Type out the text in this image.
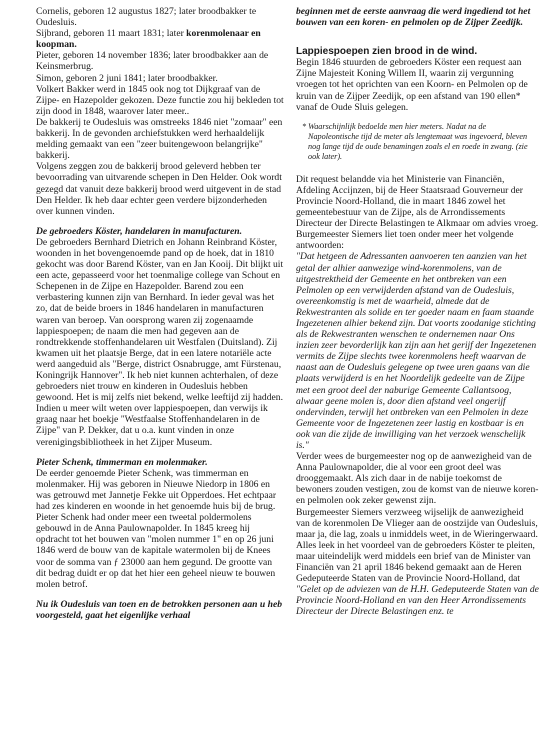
Cornelis, geboren 12 augustus 1827; later broodbakker te Oudesluis.

Sijbrand, geboren 11 maart 1831; later korenmolenaar en koopman.

Pieter, geboren 14 november 1836; later broodbakker aan de Keinsmerbrug.

Simon, geboren 2 juni 1841; later broodbakker.

Volkert Bakker werd in 1845 ook nog tot Dijkgraaf van de Zijpe- en Hazepolder gekozen. Deze functie zou hij bekleden tot zijn dood in 1848, waarover later meer..

De bakkerij te Oudesluis was omstreeks 1846 niet "zomaar" een bakkerij. In de gevonden archiefstukken werd herhaaldelijk melding gemaakt van een "zeer buitengewoon belangrijke" bakkerij.

Volgens zeggen zou de bakkerij brood geleverd hebben ter bevoorrading van uitvarende schepen in Den Helder. Ook wordt gezegd dat vanuit deze bakkerij brood werd uitgevent in de stad Den Helder. Ik heb daar echter geen verdere bijzonderheden over kunnen vinden.

De gebroeders Köster, handelaren in manufacturen.

De gebroeders Bernhard Dietrich en Johann Reinbrand Köster, woonden in het bovengenoemde pand op de hoek, dat in 1810 gekocht was door Barend Köster, van en Jan Kooij. Dit blijkt uit een acte, gepasseerd voor het toenmalige college van Schout en Schepenen in de Zijpe en Hazepolder. Barend zou een verbastering kunnen zijn van Bernhard. In ieder geval was het zo, dat de beide broers in 1846 handelaren in manufacturen waren van beroep. Van oorsprong waren zij zogenaamde lappiespoepen; de naam die men had gegeven aan de rondtrekkende stoffenhandelaren uit Westfalen (Duitsland). Zij kwamen uit het plaatsje Berge, dat in een latere notariële acte werd aangeduid als "Berge, district Osnabrugge, amt Fürstenau, Koningrijk Hannover". Ik heb niet kunnen achterhalen, of deze gebroeders niet trouw en kinderen in Oudesluis hebben gewoond. Het is mij zelfs niet bekend, welke leeftijd zij hadden.

Indien u meer wilt weten over lappiespoepen, dan verwijs ik graag naar het boekje "Westfaalse Stoffenhandelaren in de Zijpe" van P. Dekker, dat u o.a. kunt vinden in onze verenigingsbibliotheek in het Zijper Museum.

Pieter Schenk, timmerman en molenmaker.

De eerder genoemde Pieter Schenk, was timmerman en molenmaker. Hij was geboren in Nieuwe Niedorp in 1806 en was getrouwd met Jannetje Fekke uit Opperdoes. Het echtpaar had zes kinderen en woonde in het genoemde huis bij de brug. Pieter Schenk had onder meer een tweetal poldermolens gebouwd in de Anna Paulownapolder. In 1845 kreeg hij opdracht tot het bouwen van "molen nummer 1" en op 26 juni 1846 werd de bouw van de kapitale watermolen bij de Knees voor de somma van ƒ 23000 aan hem gegund. De grootte van dit bedrag duidt er op dat het hier een geheel nieuw te bouwen molen betrof.

Nu ik Oudesluis van toen en de betrokken personen aan u heb voorgesteld, gaat het eigenlijke verhaal

beginnen met de eerste aanvraag die werd ingediend tot het bouwen van een koren- en pelmolen op de Zijper Zeedijk.

Lappiespoepen zien brood in de wind.

Begin 1846 stuurden de gebroeders Köster een request aan Zijne Majesteit Koning Willem II, waarin zij vergunning vroegen tot het oprichten van een Koorn- en Pelmolen op de kruin van de Zijper Zeedijk, op een afstand van 190 ellen* vanaf de Oude Sluis gelegen.

* Waarschijnlijk bedoelde men hier meters. Nadat na de Napoleontische tijd de meter als lengtemaat was ingevoerd, bleven nog lange tijd de oude benamingen zoals el en roede in zwang. (zie ook later).

Dit request belandde via het Ministerie van Financiën, Afdeling Accijnzen, bij de Heer Staatsraad Gouverneur der Provincie Noord-Holland, die in maart 1846 zowel het gemeentebestuur van de Zijpe, als de Arrondissements Directeur der Directe Belastingen te Alkmaar om advies vroeg.

Burgemeester Siemers liet toen onder meer het volgende antwoorden:

"Dat hetgeen de Adressanten aanvoeren ten aanzien van het getal der alhier aanwezige wind-korenmolens, van de uitgestrektheid der Gemeente en het ontbreken van een Pelmolen op een verwijderden afstand van de Oudesluis, overeenkomstig is met de waarheid, almede dat de Rekwestranten als solide en ter goeder naam en faam staande Ingezetenen alhier bekend zijn. Dat voorts zoodanige stichting als de Rekwestranten wenschen te ondernemen naar Ons inzien zeer bevorderlijk kan zijn aan het gerijf der Ingezetenen vermits de Zijpe slechts twee korenmolens heeft waarvan de naast aan de Oudesluis gelegene op twee uren gaans van die plaats verwijderd is en het Noordelijk gedeelte van de Zijpe met een groot deel der naburige Gemeente Callantsoog, alwaar geene molen is, door dien afstand veel ongerijf ondervinden, terwijl het ontbreken van een Pelmolen in deze Gemeente voor de Ingezetenen zeer lastig en kostbaar is en ook van die zijde de inwilliging van het verzoek wenschelijk is."

Verder wees de burgemeester nog op de aanwezigheid van de Anna Paulownapolder, die al voor een groot deel was drooggemaakt. Als zich daar in de nabije toekomst de bewoners zouden vestigen, zou de komst van de nieuwe koren- en pelmolen ook zeker gewenst zijn.

Burgemeester Siemers verzweeg wijselijk de aanwezigheid van de korenmolen De Vlieger aan de oostzijde van Oudesluis, maar ja, die lag, zoals u inmiddels weet, in de Wieringerwaard.

Alles leek in het voordeel van de gebroeders Köster te pleiten, maar uiteindelijk werd middels een brief van de Minister van Financiën van 21 april 1846 bekend gemaakt aan de Heren Gedeputeerde Staten van de Provincie Noord-Holland, dat "Gelet op de adviezen van de H.H. Gedeputeerde Staten van de Provincie Noord-Holland en van den Heer Arrondissements Directeur der Directe Belastingen enz. te
